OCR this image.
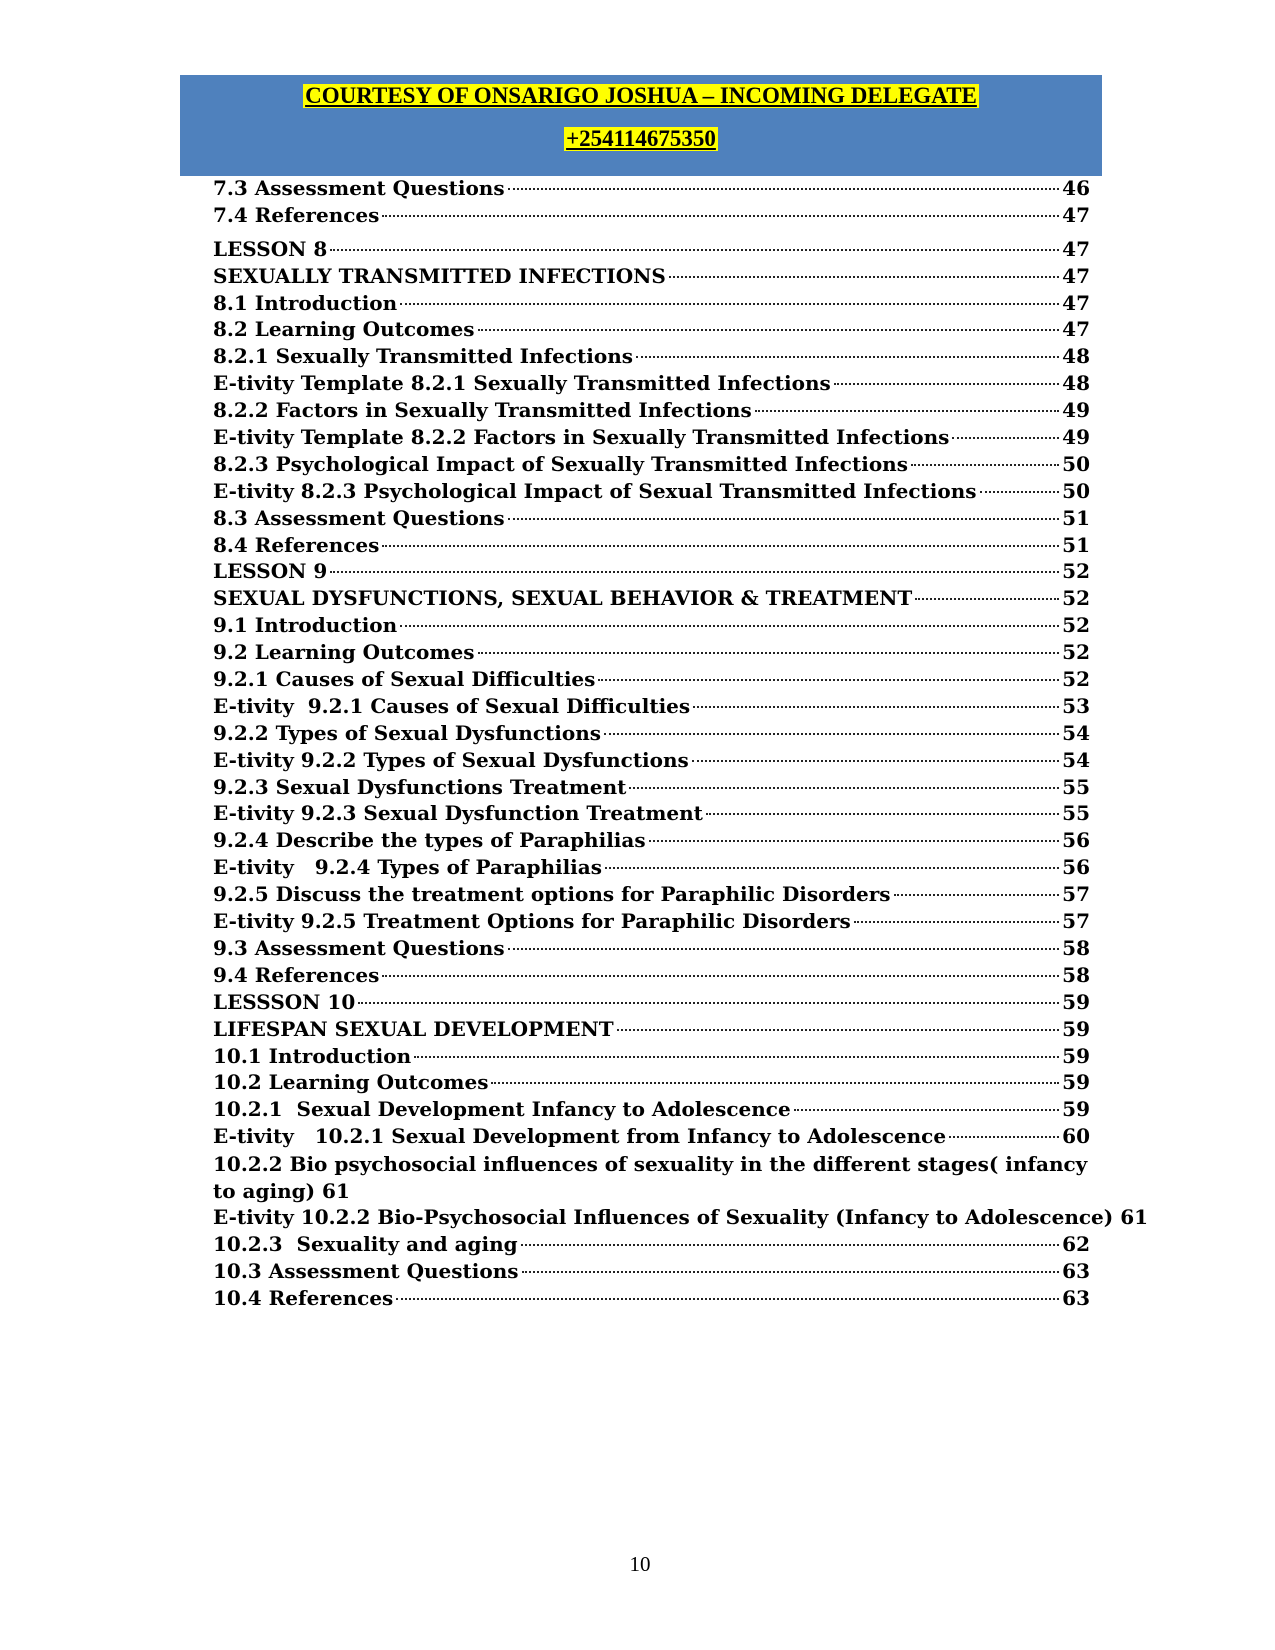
COURTESY OF ONSARIGO JOSHUA – INCOMING DELEGATE
+254114675350
7.3 Assessment Questions	46
7.4 References	47
LESSON 8	47
SEXUALLY TRANSMITTED INFECTIONS	47
8.1 Introduction	47
8.2 Learning Outcomes	47
8.2.1 Sexually Transmitted Infections	48
E-tivity Template 8.2.1 Sexually Transmitted Infections	48
8.2.2 Factors in Sexually Transmitted Infections	49
E-tivity Template 8.2.2 Factors in Sexually Transmitted Infections	49
8.2.3 Psychological Impact of Sexually Transmitted Infections	50
E-tivity 8.2.3 Psychological Impact of Sexual Transmitted Infections	50
8.3 Assessment Questions	51
8.4 References	51
LESSON 9	52
SEXUAL DYSFUNCTIONS, SEXUAL BEHAVIOR & TREATMENT	52
9.1 Introduction	52
9.2 Learning Outcomes	52
9.2.1 Causes of Sexual Difficulties	52
E-tivity  9.2.1 Causes of Sexual Difficulties	53
9.2.2 Types of Sexual Dysfunctions	54
E-tivity 9.2.2 Types of Sexual Dysfunctions	54
9.2.3 Sexual Dysfunctions Treatment	55
E-tivity 9.2.3 Sexual Dysfunction Treatment	55
9.2.4 Describe the types of Paraphilias	56
E-tivity   9.2.4 Types of Paraphilias	56
9.2.5 Discuss the treatment options for Paraphilic Disorders	57
E-tivity 9.2.5 Treatment Options for Paraphilic Disorders	57
9.3 Assessment Questions	58
9.4 References	58
LESSSON 10	59
LIFESPAN SEXUAL DEVELOPMENT	59
10.1 Introduction	59
10.2 Learning Outcomes	59
10.2.1  Sexual Development Infancy to Adolescence	59
E-tivity   10.2.1 Sexual Development from Infancy to Adolescence	60
10.2.2 Bio psychosocial influences of sexuality in the different stages( infancy to aging) 61
E-tivity 10.2.2 Bio-Psychosocial Influences of Sexuality (Infancy to Adolescence) 61
10.2.3  Sexuality and aging	62
10.3 Assessment Questions	63
10.4 References	63
10
